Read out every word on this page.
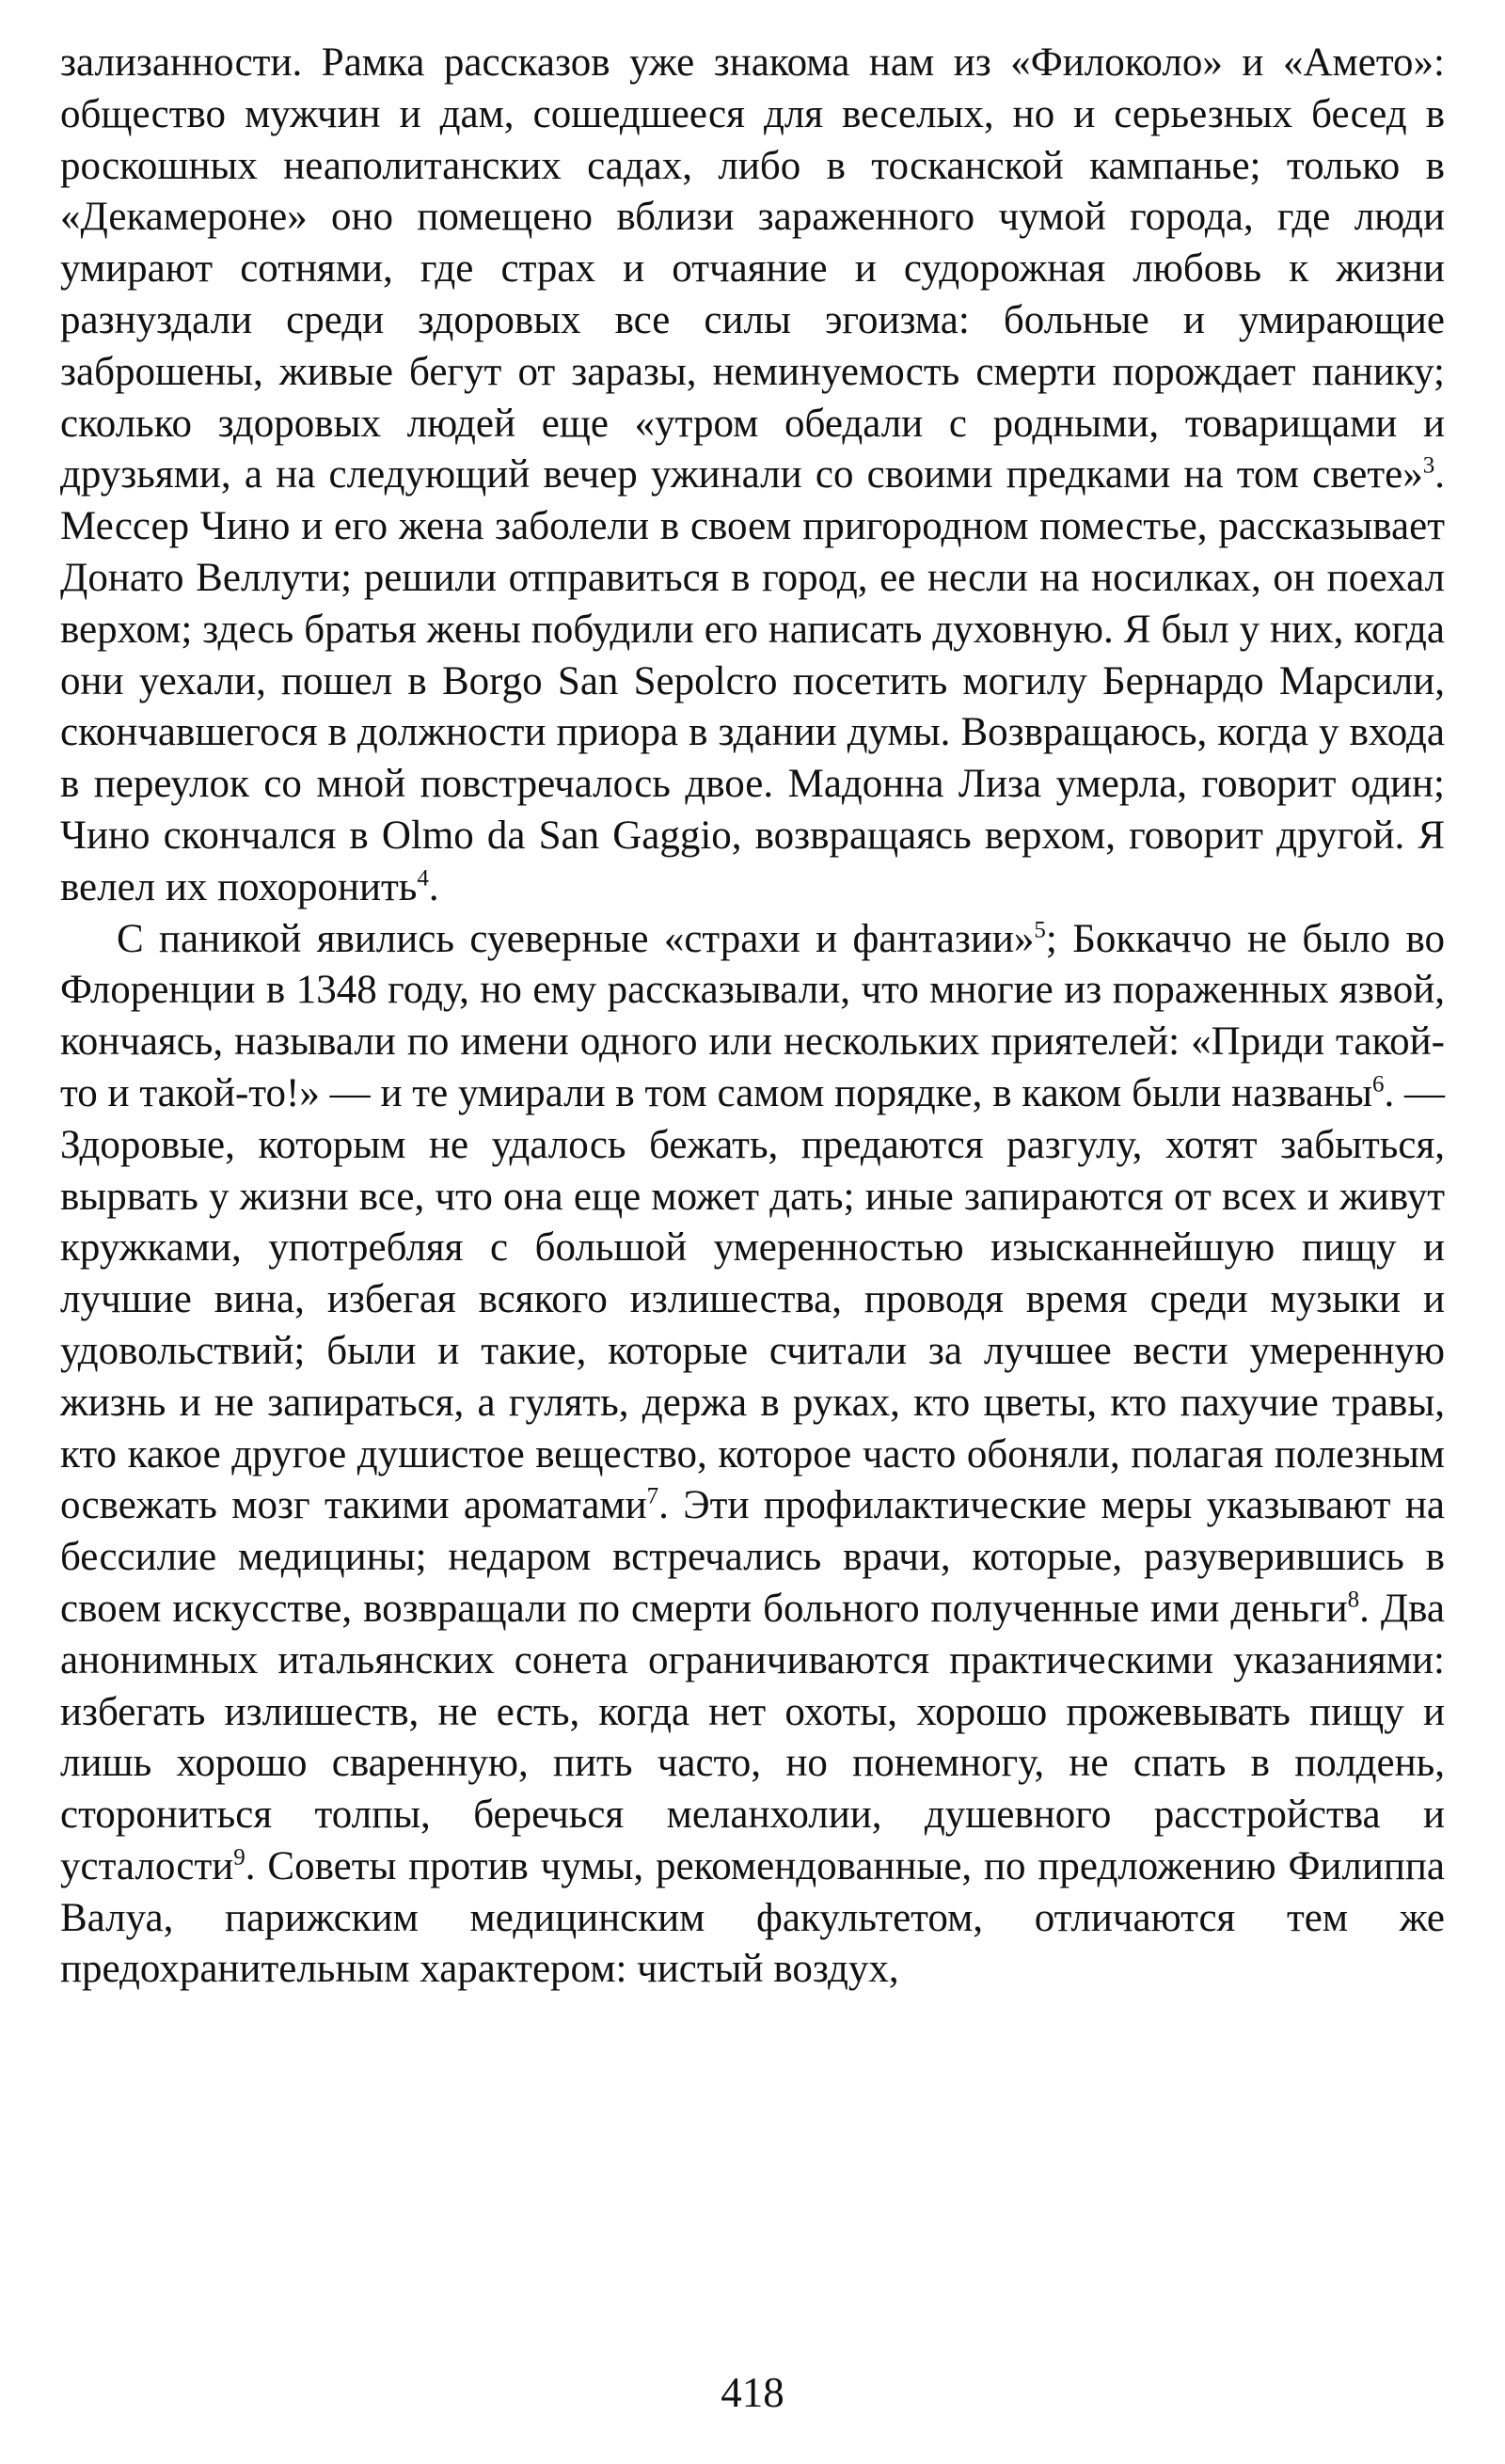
зализанности. Рамка рассказов уже знакома нам из «Филоколо» и «Амето»: общество мужчин и дам, сошедшееся для веселых, но и серьезных бесед в роскошных неаполитанских садах, либо в тосканской кампанье; только в «Декамероне» оно помещено вблизи зараженного чумой города, где люди умирают сотнями, где страх и отчаяние и судорожная любовь к жизни разнуздали среди здоровых все силы эгоизма: больные и умирающие заброшены, живые бегут от заразы, неминуемость смерти порождает панику; сколько здоровых людей еще «утром обедали с родными, товарищами и друзьями, а на следующий вечер ужинали со своими предками на том свете»$^3$. Мессер Чино и его жена заболели в своем пригородном поместье, рассказывает Донато Веллути; решили отправиться в город, ее несли на носилках, он поехал верхом; здесь братья жены побудили его написать духовную. Я был у них, когда они уехали, пошел в Borgo San Sepolcro посетить могилу Бернардо Марсили, скончавшегося в должности приора в здании думы. Возвращаюсь, когда у входа в переулок со мной повстречалось двое. Мадонна Лиза умерла, говорит один; Чино скончался в Olmo da San Gaggio, возвращаясь верхом, говорит другой. Я велел их похоронить$^4$.

С паникой явились суеверные «страхи и фантазии»$^5$; Боккаччо не было во Флоренции в 1348 году, но ему рассказывали, что многие из пораженных язвой, кончаясь, называли по имени одного или нескольких приятелей: «Приди такой-то и такой-то!» — и те умирали в том самом порядке, в каком были названы$^6$. — Здоровые, которым не удалось бежать, предаются разгулу, хотят забыться, вырвать у жизни все, что она еще может дать; иные запираются от всех и живут кружками, употребляя с большой умеренностью изысканнейшую пищу и лучшие вина, избегая всякого излишества, проводя время среди музыки и удовольствий; были и такие, которые считали за лучшее вести умеренную жизнь и не запираться, а гулять, держа в руках, кто цветы, кто пахучие травы, кто какое другое душистое вещество, которое часто обоняли, полагая полезным освежать мозг такими ароматами$^7$. Эти профилактические меры указывают на бессилие медицины; недаром встречались врачи, которые, разуверившись в своем искусстве, возвращали по смерти больного полученные ими деньги$^8$. Два анонимных итальянских сонета ограничиваются практическими указаниями: избегать излишеств, не есть, когда нет охоты, хорошо прожевывать пищу и лишь хорошо сваренную, пить часто, но понемногу, не спать в полдень, сторониться толпы, беречься меланхолии, душевного расстройства и усталости$^9$. Советы против чумы, рекомендованные, по предложению Филиппа Валуа, парижским медицинским факультетом, отличаются тем же предохранительным характером: чистый воздух,

418
